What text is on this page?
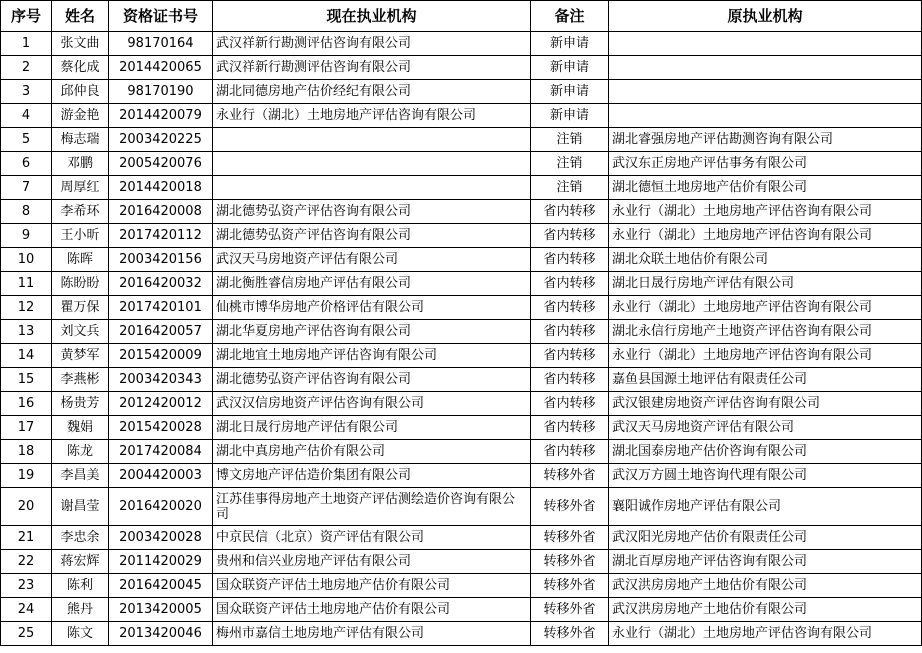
序号	姓名	资格证书号	现在执业机构	备注	原执业机构
1	张文曲	98170164	武汉祥新行勘测评估咨询有限公司	新申请	
2	蔡化成	2014420065	武汉祥新行勘测评估咨询有限公司	新申请	
3	邱仲良	98170190	湖北同德房地产估价经纪有限公司	新申请	
4	游金艳	2014420079	永业行（湖北）土地房地产评估咨询有限公司	新申请	
5	梅志瑞	2003420225		注销	湖北睿强房地产评估勘测咨询有限公司
6	邓鹏	2005420076		注销	武汉东正房地产评估事务有限公司
7	周厚红	2014420018		注销	湖北德恒土地房地产估价有限公司
8	李希环	2016420008	湖北德势弘资产评估咨询有限公司	省内转移	永业行（湖北）土地房地产评估咨询有限公司
9	王小昕	2017420112	湖北德势弘资产评估咨询有限公司	省内转移	永业行（湖北）土地房地产评估咨询有限公司
10	陈晖	2003420156	武汉天马房地资产评估有限公司	省内转移	湖北众联土地估价有限公司
11	陈盼盼	2016420032	湖北衡胜睿信房地产评估有限公司	省内转移	湖北日晟行房地产评估有限公司
12	瞿万保	2017420101	仙桃市博华房地产价格评估有限公司	省内转移	永业行（湖北）土地房地产评估咨询有限公司
13	刘文兵	2016420057	湖北华夏房地产评估咨询有限公司	省内转移	湖北永信行房地产土地资产评估咨询有限公司
14	黄梦军	2015420009	湖北地宜土地房地产评估咨询有限公司	省内转移	永业行（湖北）土地房地产评估咨询有限公司
15	李燕彬	2003420343	湖北德势弘资产评估咨询有限公司	省内转移	嘉鱼县国源土地评估有限责任公司
16	杨贵芳	2012420012	武汉汉信房地资产评估咨询有限公司	省内转移	武汉银建房地资产评估咨询有限公司
17	魏娟	2015420028	湖北日晟行房地产评估有限公司	省内转移	武汉天马房地资产评估有限公司
18	陈龙	2017420084	湖北中真房地产估价有限公司	省内转移	湖北国泰房地产估价咨询有限公司
19	李昌美	2004420003	博文房地产评估造价集团有限公司	转移外省	武汉万方圆土地咨询代理有限公司
20	谢昌莹	2016420020	江苏佳事得房地产土地资产评估测绘造价咨询有限公司	转移外省	襄阳诚作房地产评估有限公司
21	李忠余	2003420028	中京民信（北京）资产评估有限公司	转移外省	武汉阳光房地产估价有限责任公司
22	蒋宏辉	2011420029	贵州和信兴业房地产评估有限公司	转移外省	湖北百厚房地产评估咨询有限公司
23	陈利	2016420045	国众联资产评估土地房地产估价有限公司	转移外省	武汉洪房房地产土地估价有限公司
24	熊丹	2013420005	国众联资产评估土地房地产估价有限公司	转移外省	武汉洪房房地产土地估价有限公司
25	陈文	2013420046	梅州市嘉信土地房地产评估有限公司	转移外省	永业行（湖北）土地房地产评估咨询有限公司
